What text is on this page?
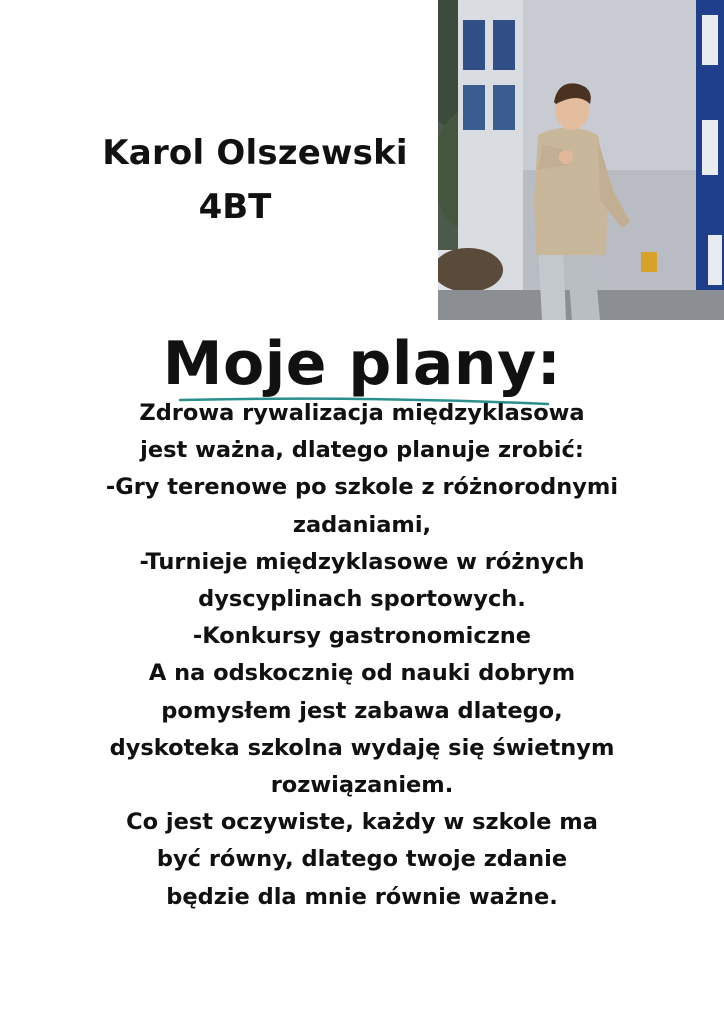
Karol Olszewski
4BT
Moje plany:
Zdrowa rywalizacja międzyklasowa
jest ważna, dlatego planuje zrobić:
-Gry terenowe po szkole z różnorodnymi
zadaniami,
-Turnieje międzyklasowe w różnych
dyscyplinach sportowych.
-Konkursy gastronomiczne
A na odskocznię od nauki dobrym
pomysłem jest zabawa dlatego,
dyskoteka szkolna wydaję się świetnym
rozwiązaniem.
Co jest oczywiste, każdy w szkole ma
być równy, dlatego twoje zdanie
będzie dla mnie równie ważne.
